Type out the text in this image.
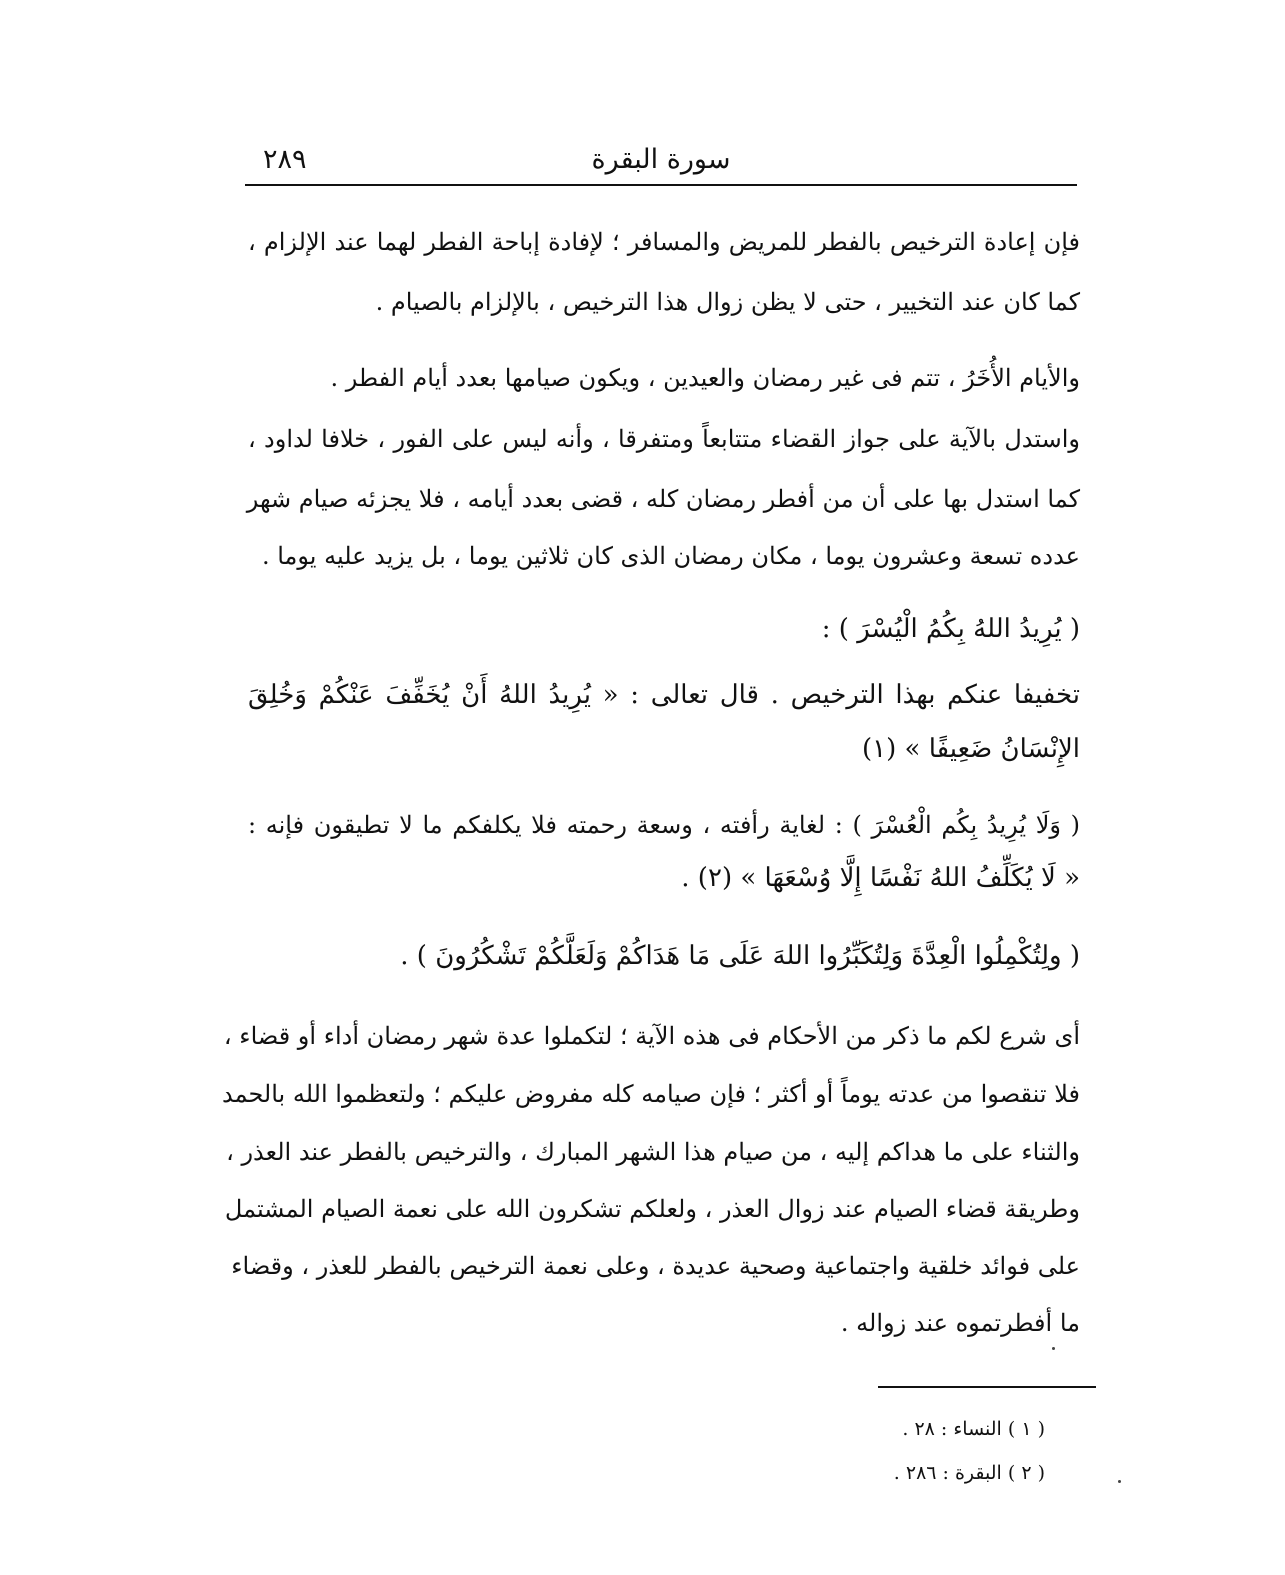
سورة البقرة
٢٨٩
فإن إعادة الترخيص بالفطر للمريض والمسافر ؛ لإفادة إباحة الفطر لهما عند الإلزام ،
كما كان عند التخيير ، حتى لا يظن زوال هذا الترخيص ، بالإلزام بالصيام .
والأيام الأُخَرُ ، تتم فى غير رمضان والعيدين ، ويكون صيامها بعدد أيام الفطر .
واستدل بالآية على جواز القضاء متتابعاً ومتفرقا ، وأنه ليس على الفور ، خلافا لداود ،
كما استدل بها على أن من أفطر رمضان كله ، قضى بعدد أيامه ، فلا يجزئه صيام شهر
عدده تسعة وعشرون يوما ، مكان رمضان الذى كان ثلاثين يوما ، بل يزيد عليه يوما .
( يُرِيدُ اللهُ بِكُمُ الْيُسْرَ ) :
تخفيفا عنكم بهذا الترخيص . قال تعالى : « يُرِيدُ اللهُ أَنْ يُخَفِّفَ عَنْكُمْ وَخُلِقَ
الإِنْسَانُ ضَعِيفًا » (١)
( وَلَا يُرِيدُ بِكُم الْعُسْرَ ) : لغاية رأفته ، وسعة رحمته فلا يكلفكم ما لا تطيقون فإنه :
« لَا يُكَلِّفُ اللهُ نَفْسًا إِلَّا وُسْعَهَا » (٢) .
( ولِتُكْمِلُوا الْعِدَّةَ وَلِتُكَبِّرُوا اللهَ عَلَى مَا هَدَاكُمْ وَلَعَلَّكُمْ تَشْكُرُونَ ) .
أى شرع لكم ما ذكر من الأحكام فى هذه الآية ؛ لتكملوا عدة شهر رمضان أداء أو قضاء ،
فلا تنقصوا من عدته يوماً أو أكثر ؛ فإن صيامه كله مفروض عليكم ؛ ولتعظموا الله بالحمد
والثناء على ما هداكم إليه ، من صيام هذا الشهر المبارك ، والترخيص بالفطر عند العذر ،
وطريقة قضاء الصيام عند زوال العذر ، ولعلكم تشكرون الله على نعمة الصيام المشتمل
على فوائد خلقية واجتماعية وصحية عديدة ، وعلى نعمة الترخيص بالفطر للعذر ، وقضاء
ما أفطرتموه عند زواله .
( ١ ) النساء : ٢٨ .
( ٢ ) البقرة : ٢٨٦ .
